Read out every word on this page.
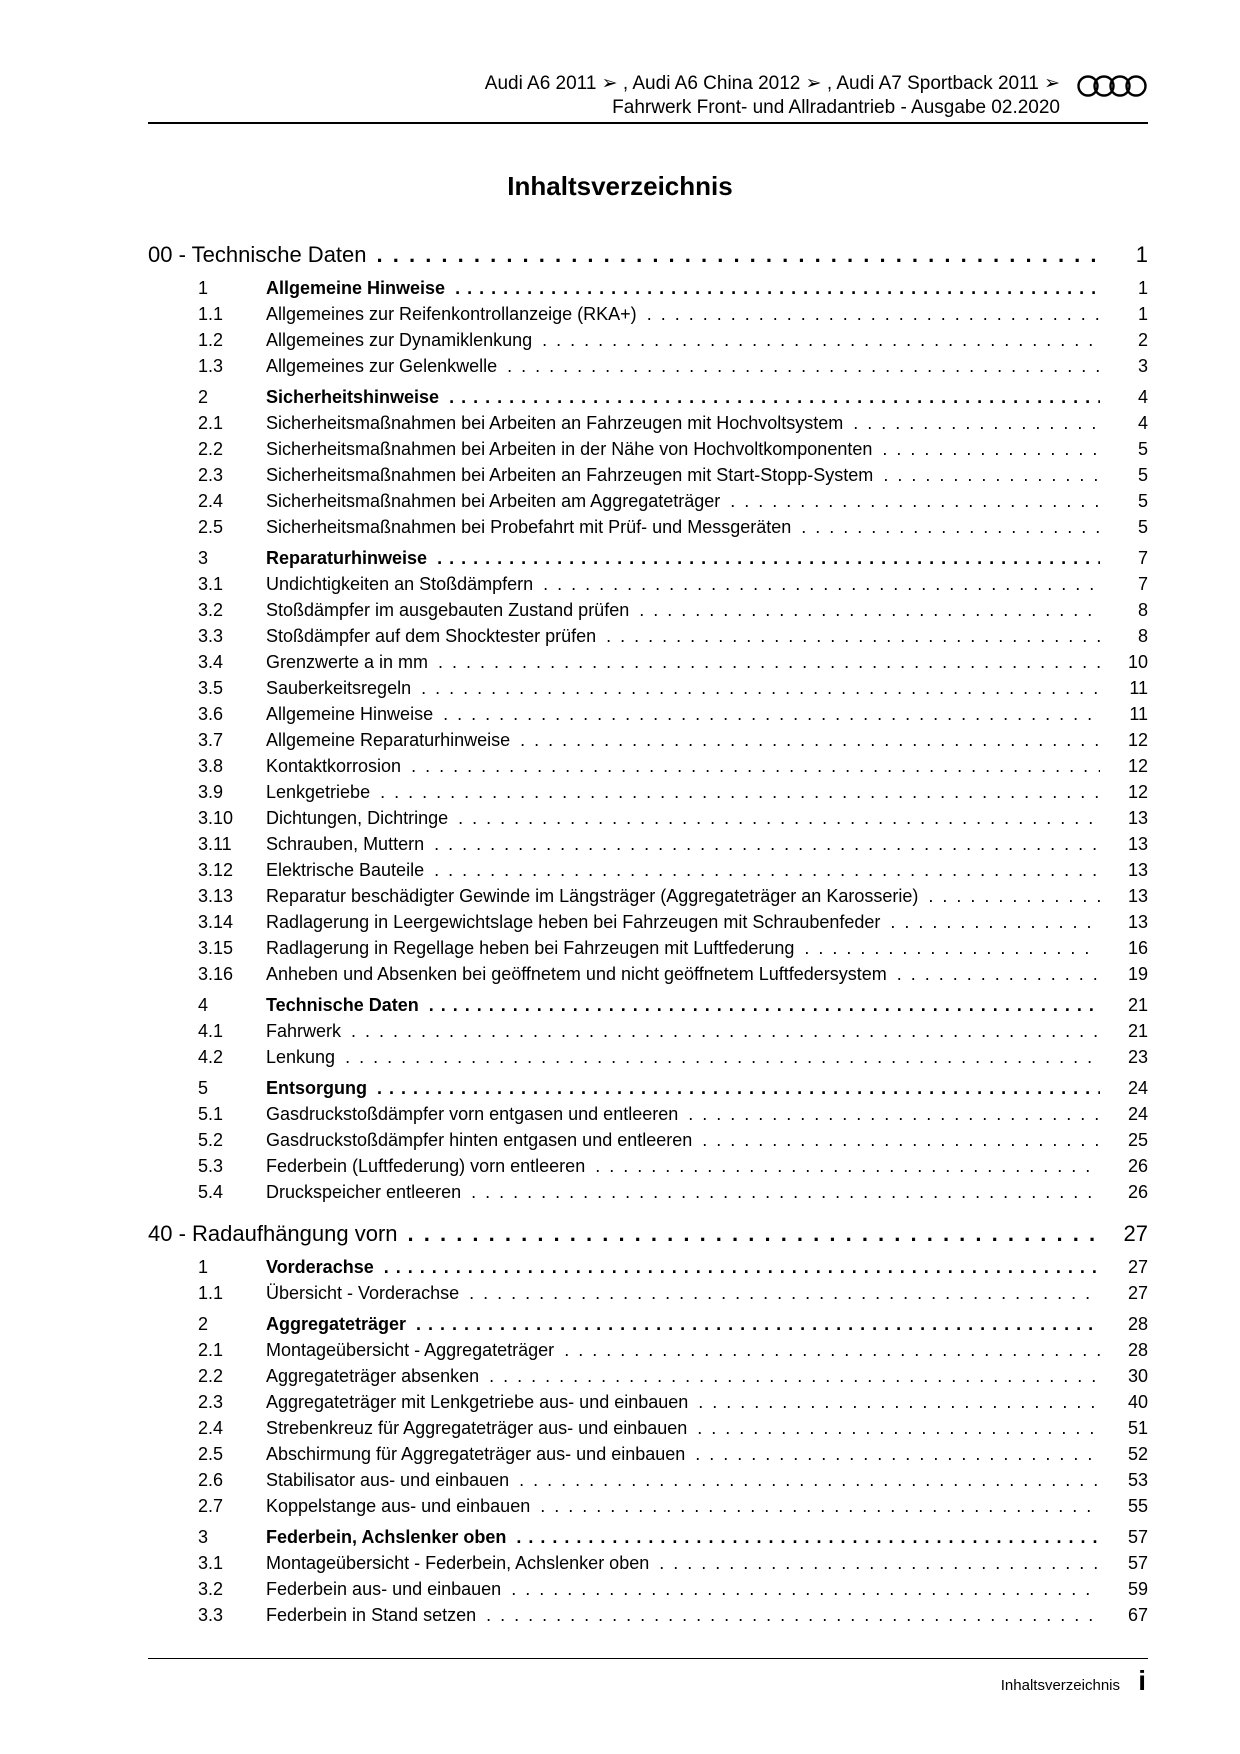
Audi A6 2011 ➢ , Audi A6 China 2012 ➢ , Audi A7 Sportback 2011 ➢
Fahrwerk Front- und Allradantrieb - Ausgabe 02.2020
Inhaltsverzeichnis
00 - Technische Daten . . .	1
1	Allgemeine Hinweise . . .	1
1.1	Allgemeines zur Reifenkontrollanzeige (RKA+) . . .	1
1.2	Allgemeines zur Dynamiklenkung . . .	2
1.3	Allgemeines zur Gelenkwelle . . .	3
2	Sicherheitshinweise . . .	4
2.1	Sicherheitsmaßnahmen bei Arbeiten an Fahrzeugen mit Hochvoltsystem . . .	4
2.2	Sicherheitsmaßnahmen bei Arbeiten in der Nähe von Hochvoltkomponenten . . .	5
2.3	Sicherheitsmaßnahmen bei Arbeiten an Fahrzeugen mit Start-Stopp-System . . .	5
2.4	Sicherheitsmaßnahmen bei Arbeiten am Aggregateträger . . .	5
2.5	Sicherheitsmaßnahmen bei Probefahrt mit Prüf- und Messgeräten . . .	5
3	Reparaturhinweise . . .	7
3.1	Undichtigkeiten an Stoßdämpfern . . .	7
3.2	Stoßdämpfer im ausgebauten Zustand prüfen . . .	8
3.3	Stoßdämpfer auf dem Shocktester prüfen . . .	8
3.4	Grenzwerte a in mm . . .	10
3.5	Sauberkeitsregeln . . .	11
3.6	Allgemeine Hinweise . . .	11
3.7	Allgemeine Reparaturhinweise . . .	12
3.8	Kontaktkorrosion . . .	12
3.9	Lenkgetriebe . . .	12
3.10	Dichtungen, Dichtringe . . .	13
3.11	Schrauben, Muttern . . .	13
3.12	Elektrische Bauteile . . .	13
3.13	Reparatur beschädigter Gewinde im Längsträger (Aggregateträger an Karosserie) . . .	13
3.14	Radlagerung in Leergewichtslage heben bei Fahrzeugen mit Schraubenfeder . . .	13
3.15	Radlagerung in Regellage heben bei Fahrzeugen mit Luftfederung . . .	16
3.16	Anheben und Absenken bei geöffnetem und nicht geöffnetem Luftfedersystem . . .	19
4	Technische Daten . . .	21
4.1	Fahrwerk . . .	21
4.2	Lenkung . . .	23
5	Entsorgung . . .	24
5.1	Gasdruckstoßdämpfer vorn entgasen und entleeren . . .	24
5.2	Gasdruckstoßdämpfer hinten entgasen und entleeren . . .	25
5.3	Federbein (Luftfederung) vorn entleeren . . .	26
5.4	Druckspeicher entleeren . . .	26
40 - Radaufhängung vorn . . .	27
1	Vorderachse . . .	27
1.1	Übersicht - Vorderachse . . .	27
2	Aggregateträger . . .	28
2.1	Montageübersicht - Aggregateträger . . .	28
2.2	Aggregateträger absenken . . .	30
2.3	Aggregateträger mit Lenkgetriebe aus- und einbauen . . .	40
2.4	Strebenkreuz für Aggregateträger aus- und einbauen . . .	51
2.5	Abschirmung für Aggregateträger aus- und einbauen . . .	52
2.6	Stabilisator aus- und einbauen . . .	53
2.7	Koppelstange aus- und einbauen . . .	55
3	Federbein, Achslenker oben . . .	57
3.1	Montageübersicht - Federbein, Achslenker oben . . .	57
3.2	Federbein aus- und einbauen . . .	59
3.3	Federbein in Stand setzen . . .	67
Inhaltsverzeichnis i
